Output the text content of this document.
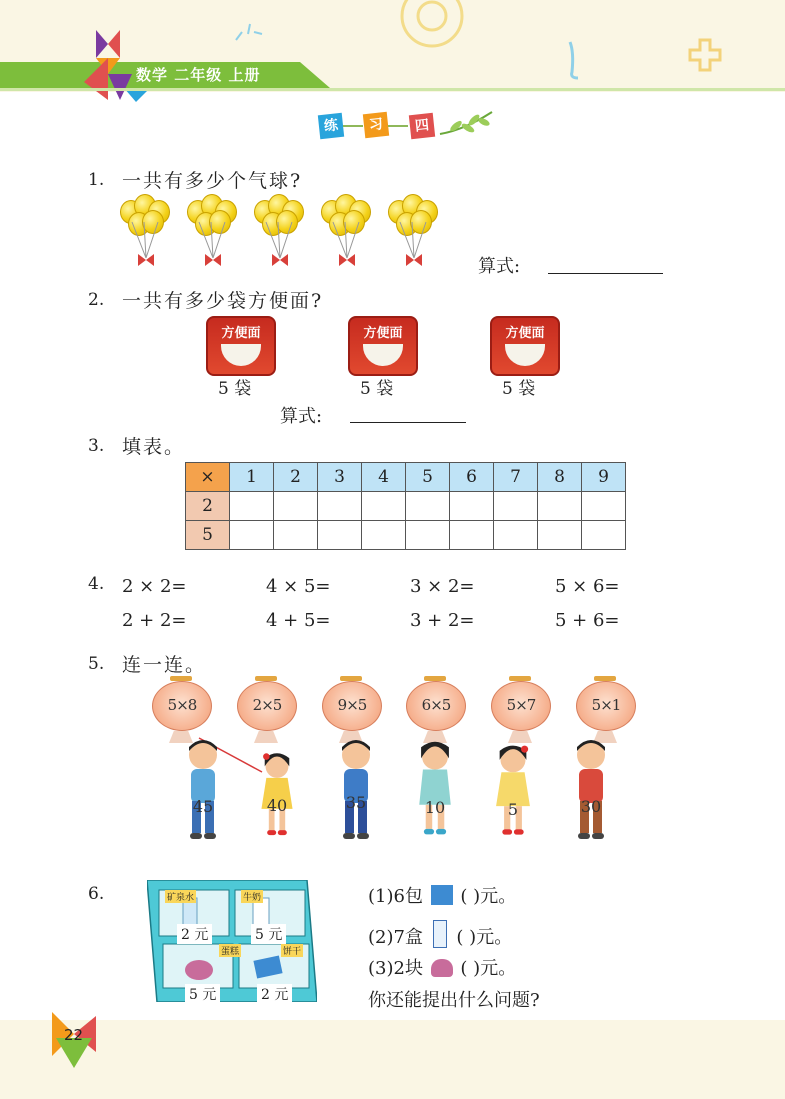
数学 二年级 上册
练	习	四
1. 一共有多少个气球?
算式:
2. 一共有多少袋方便面?
方便面
5 袋
方便面
5 袋
方便面
5 袋
算式:
3. 填表。
×	1	2	3	4	5	6	7	8	9
2									
5									
4. 2 × 2=	4 × 5=	3 × 2=	5 × 6=
2 + 2=	4 + 5=	3 + 2=	5 + 6=
5. 连一连。
5×8	2×5	9×5	6×5	5×7	5×1
45	40	35	10	5	30
6.	矿泉水	牛奶
蛋糕	饼干
2 元	5 元
5 元	2 元
(1)6包 ( )元。
(2)7盒 ( )元。
(3)2块 ( )元。
你还能提出什么问题?
22
